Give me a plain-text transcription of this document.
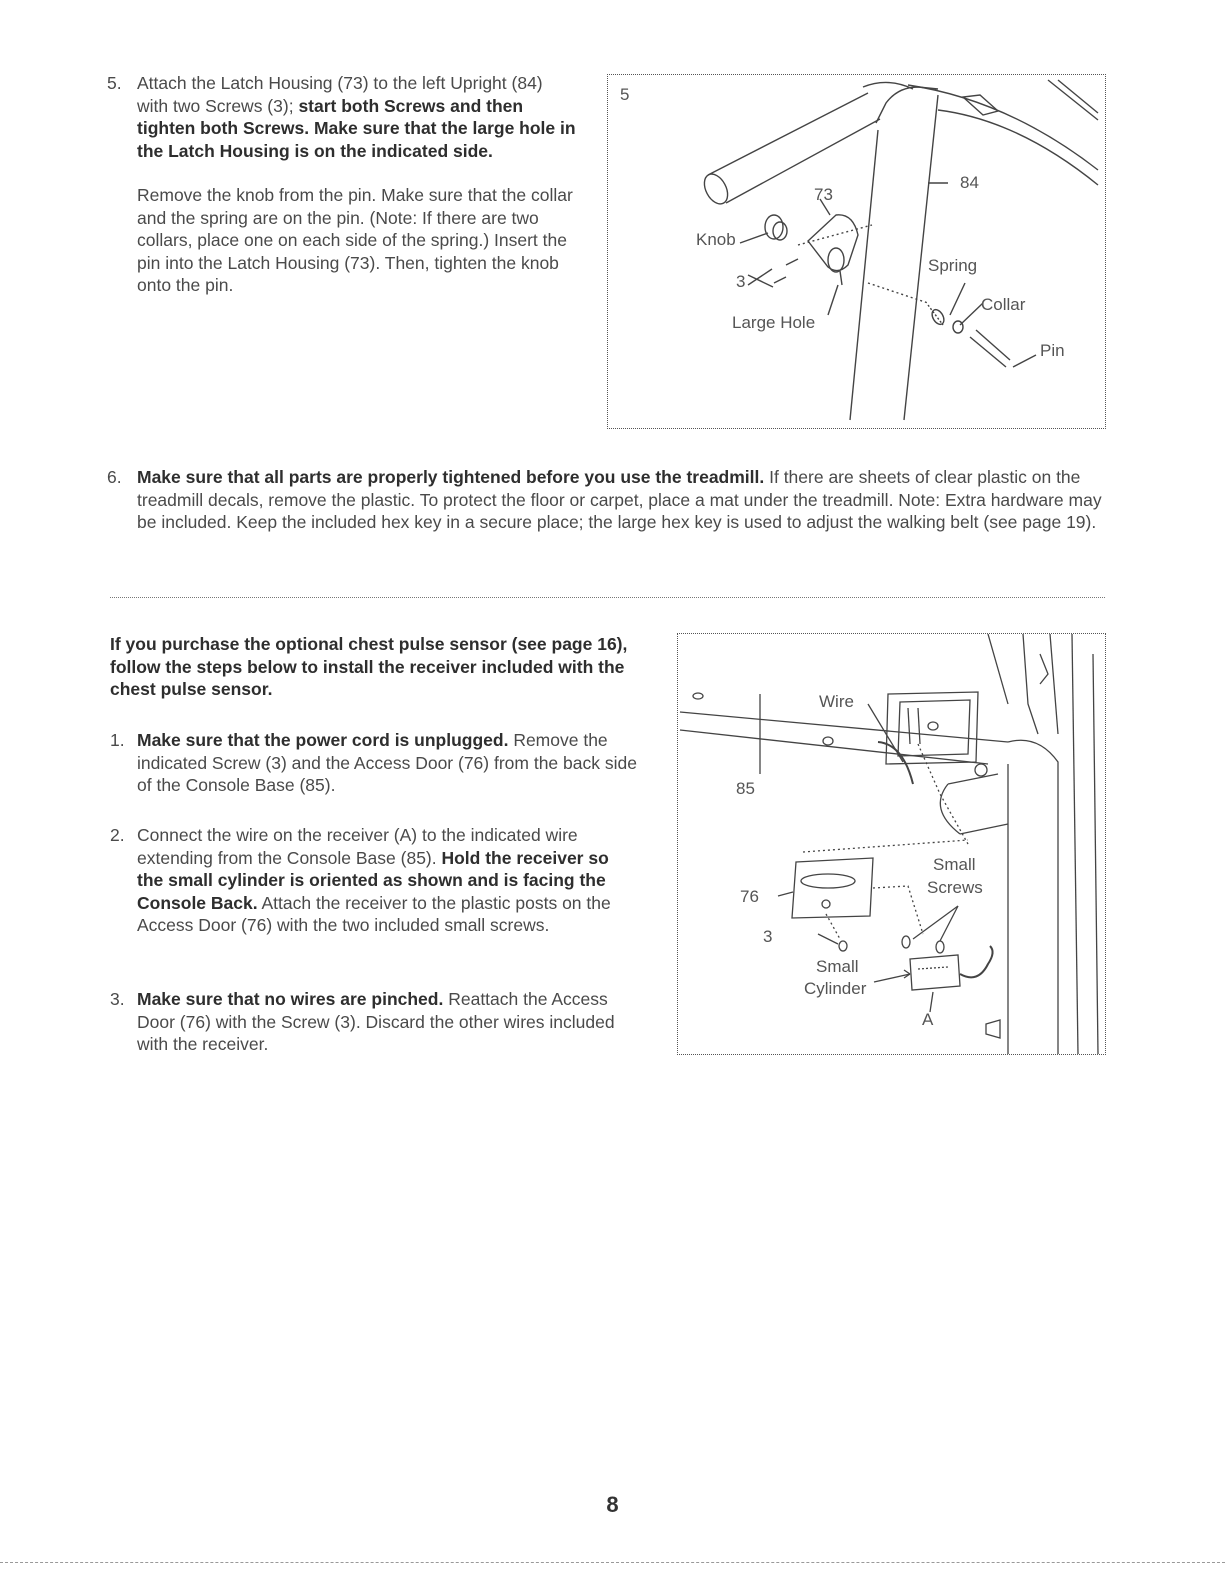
5. Attach the Latch Housing (73) to the left Upright (84) with two Screws (3); start both Screws and then tighten both Screws. Make sure that the large hole in the Latch Housing is on the indicated side.

Remove the knob from the pin. Make sure that the collar and the spring are on the pin. (Note: If there are two collars, place one on each side of the spring.) Insert the pin into the Latch Housing (73). Then, tighten the knob onto the pin.

5
73
84
Knob
Spring
3
Collar
Large Hole
Pin
6. Make sure that all parts are properly tightened before you use the treadmill. If there are sheets of clear plastic on the treadmill decals, remove the plastic. To protect the floor or carpet, place a mat under the treadmill. Note: Extra hardware may be included. Keep the included hex key in a secure place; the large hex key is used to adjust the walking belt (see page 19).

If you purchase the optional chest pulse sensor (see page 16), follow the steps below to install the receiver included with the chest pulse sensor.

1. Make sure that the power cord is unplugged. Remove the indicated Screw (3) and the Access Door (76) from the back side of the Console Base (85).

2. Connect the wire on the receiver (A) to the indicated wire extending from the Console Base (85). Hold the receiver so the small cylinder is oriented as shown and is facing the Console Back. Attach the receiver to the plastic posts on the Access Door (76) with the two included small screws.

3. Make sure that no wires are pinched. Reattach the Access Door (76) with the Screw (3). Discard the other wires included with the receiver.

Wire
85
Small
Screws
76
3
Small
Cylinder
A
8
